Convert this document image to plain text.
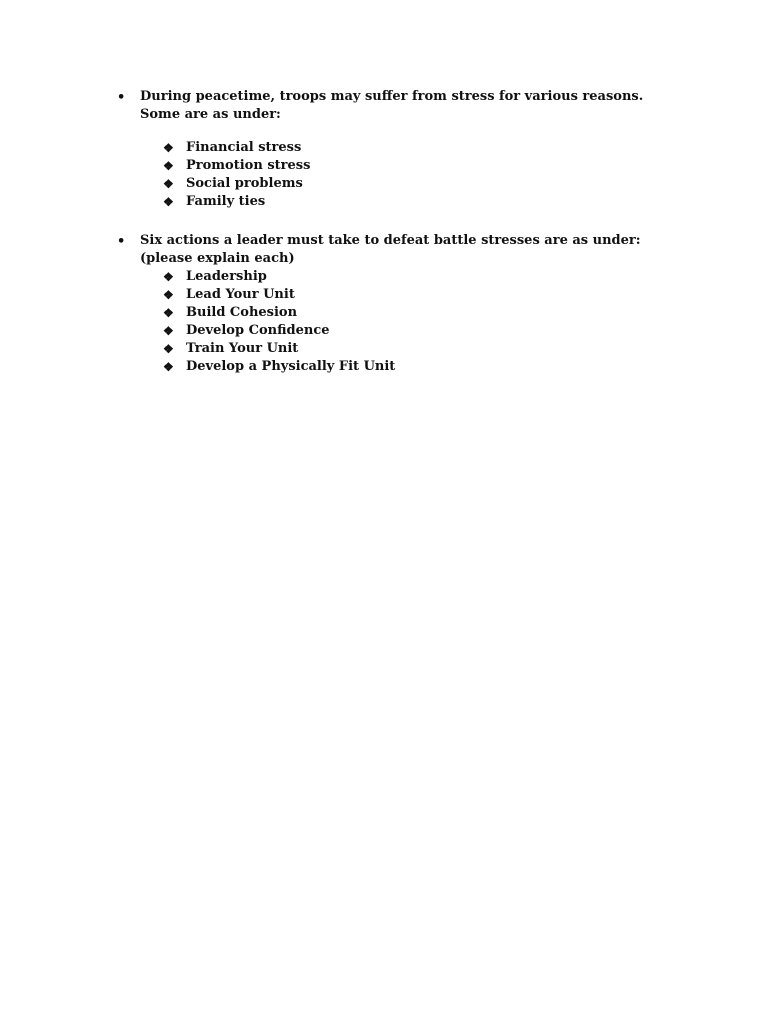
•	During peacetime, troops may suffer from stress for various reasons.   Some are as under:
❖ Financial stress
❖ Promotion stress
❖ Social problems
❖ Family ties
•	Six actions a leader must take to defeat battle stresses are as under: (please explain each)
❖ Leadership
❖ Lead Your Unit
❖ Build Cohesion
❖ Develop Confidence
❖ Train Your Unit
❖ Develop a Physically Fit Unit
